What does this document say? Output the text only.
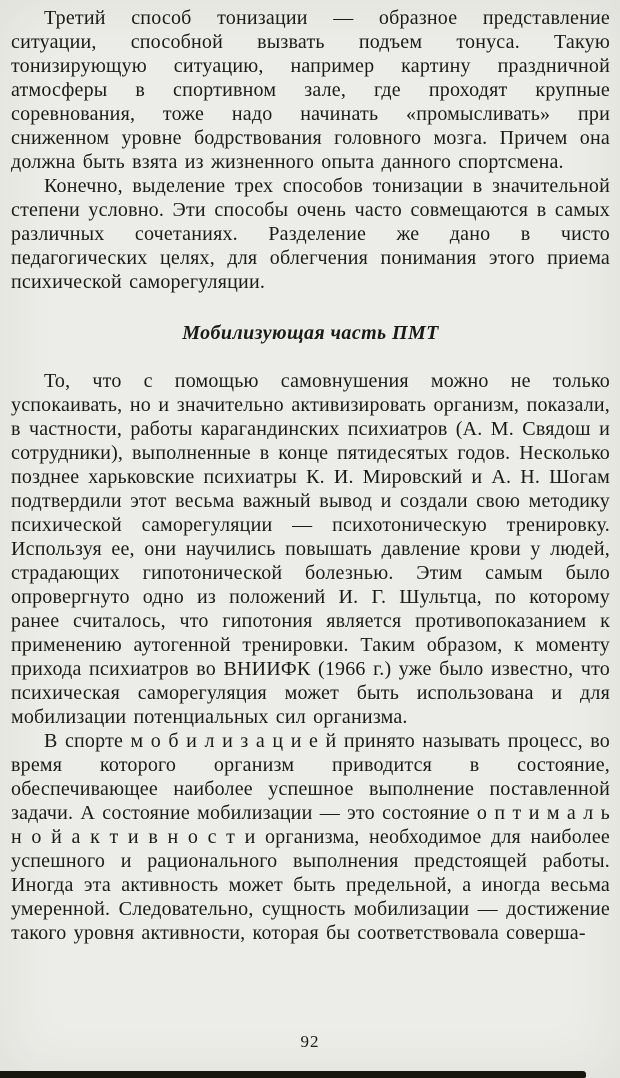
Третий способ тонизации — образное представление ситуации, способной вызвать подъем тонуса. Такую тонизирующую ситуацию, например картину праздничной атмосферы в спортивном зале, где проходят крупные соревнования, тоже надо начинать «промысливать» при сниженном уровне бодрствования головного мозга. Причем она должна быть взята из жизненного опыта данного спортсмена.

Конечно, выделение трех способов тонизации в значительной степени условно. Эти способы очень часто совмещаются в самых различных сочетаниях. Разделение же дано в чисто педагогических целях, для облегчения понимания этого приема психической саморегуляции.

Мобилизующая часть ПМТ

То, что с помощью самовнушения можно не только успокаивать, но и значительно активизировать организм, показали, в частности, работы карагандинских психиатров (А. М. Свядош и сотрудники), выполненные в конце пятидесятых годов. Несколько позднее харьковские психиатры К. И. Мировский и А. Н. Шогам подтвердили этот весьма важный вывод и создали свою методику психической саморегуляции — психотоническую тренировку. Используя ее, они научились повышать давление крови у людей, страдающих гипотонической болезнью. Этим самым было опровергнуто одно из положений И. Г. Шультца, по которому ранее считалось, что гипотония является противопоказанием к применению аутогенной тренировки. Таким образом, к моменту прихода психиатров во ВНИИФК (1966 г.) уже было известно, что психическая саморегуляция может быть использована и для мобилизации потенциальных сил организма.

В спорте м о б и л и з а ц и е й принято называть процесс, во время которого организм приводится в состояние, обеспечивающее наиболее успешное выполнение поставленной задачи. А состояние мобилизации — это состояние о п т и м а л ь н о й а к т и в н о с т и организма, необходимое для наиболее успешного и рационального выполнения предстоящей работы. Иногда эта активность может быть предельной, а иногда весьма умеренной. Следовательно, сущность мобилизации — достижение такого уровня активности, которая бы соответствовала соверша-

92
